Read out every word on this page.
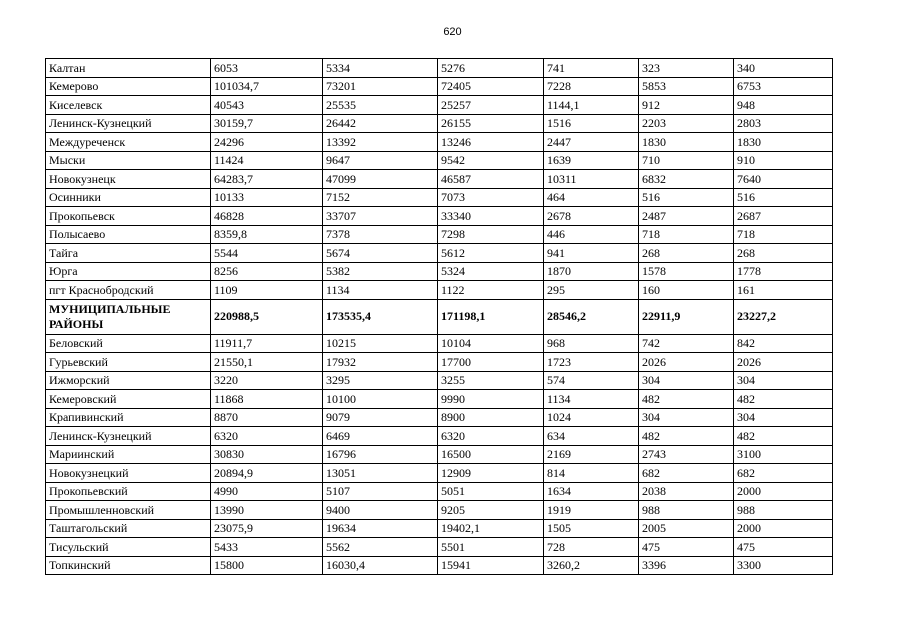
620
Калтан	6053	5334	5276	741	323	340
Кемерово	101034,7	73201	72405	7228	5853	6753
Киселевск	40543	25535	25257	1144,1	912	948
Ленинск-Кузнецкий	30159,7	26442	26155	1516	2203	2803
Междуреченск	24296	13392	13246	2447	1830	1830
Мыски	11424	9647	9542	1639	710	910
Новокузнецк	64283,7	47099	46587	10311	6832	7640
Осинники	10133	7152	7073	464	516	516
Прокопьевск	46828	33707	33340	2678	2487	2687
Полысаево	8359,8	7378	7298	446	718	718
Тайга	5544	5674	5612	941	268	268
Юрга	8256	5382	5324	1870	1578	1778
пгт Краснобродский	1109	1134	1122	295	160	161
МУНИЦИПАЛЬНЫЕ РАЙОНЫ	220988,5	173535,4	171198,1	28546,2	22911,9	23227,2
Беловский	11911,7	10215	10104	968	742	842
Гурьевский	21550,1	17932	17700	1723	2026	2026
Ижморский	3220	3295	3255	574	304	304
Кемеровский	11868	10100	9990	1134	482	482
Крапивинский	8870	9079	8900	1024	304	304
Ленинск-Кузнецкий	6320	6469	6320	634	482	482
Мариинский	30830	16796	16500	2169	2743	3100
Новокузнецкий	20894,9	13051	12909	814	682	682
Прокопьевский	4990	5107	5051	1634	2038	2000
Промышленновский	13990	9400	9205	1919	988	988
Таштагольский	23075,9	19634	19402,1	1505	2005	2000
Тисульский	5433	5562	5501	728	475	475
Топкинский	15800	16030,4	15941	3260,2	3396	3300
